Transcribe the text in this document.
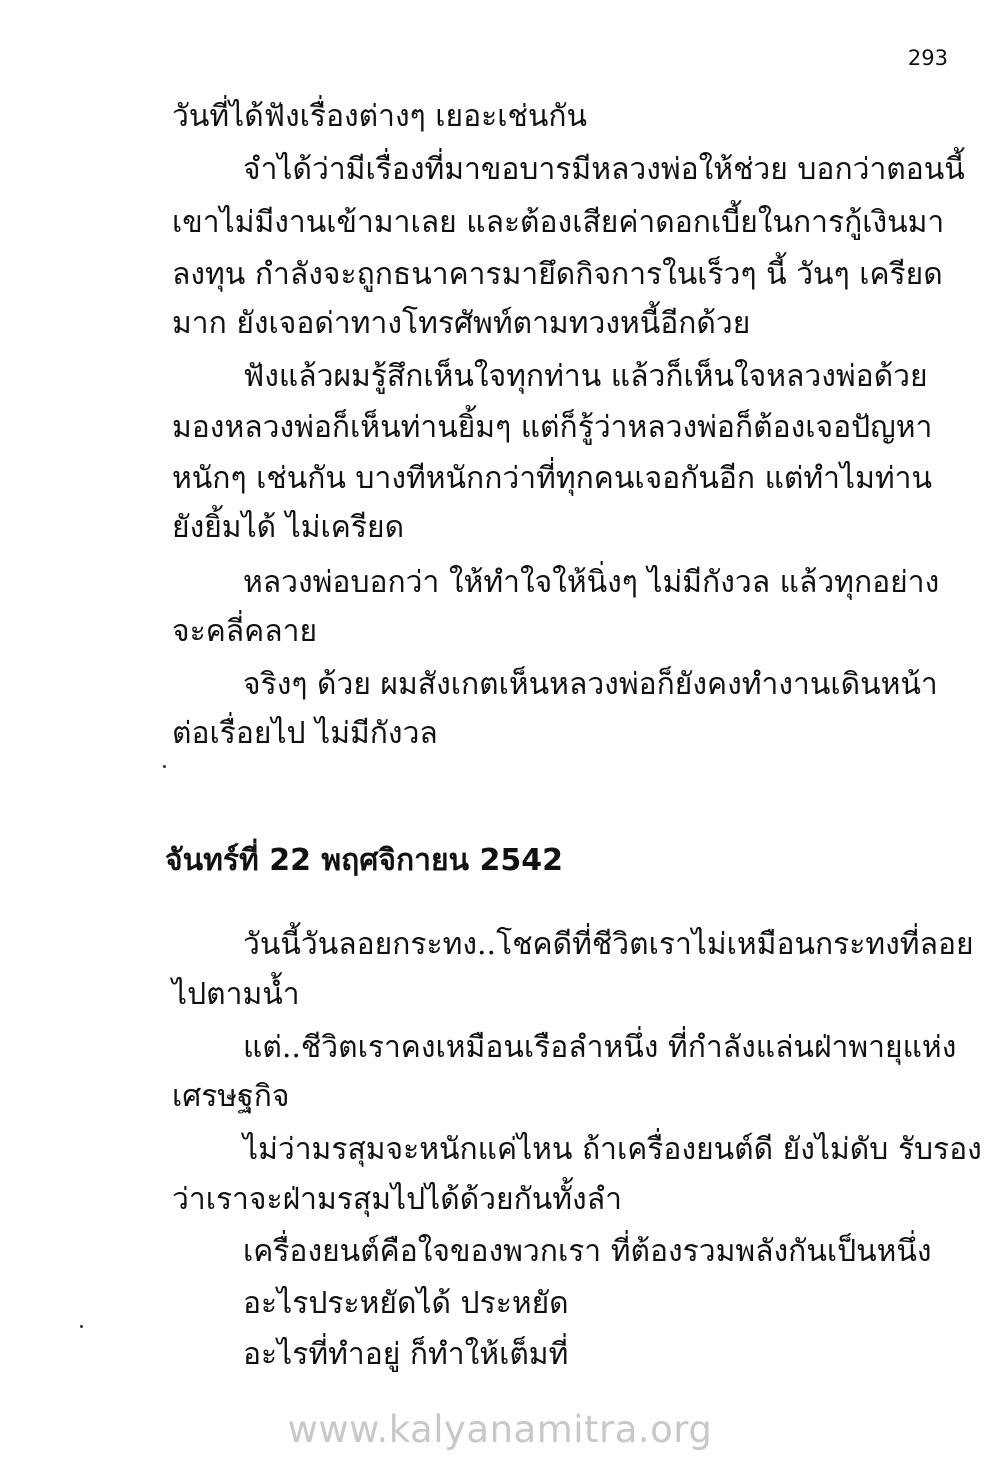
293
วันที่ได้ฟังเรื่องต่างๆ เยอะเช่นกัน
จำได้ว่ามีเรื่องที่มาขอบารมีหลวงพ่อให้ช่วย บอกว่าตอนนี้
เขาไม่มีงานเข้ามาเลย และต้องเสียค่าดอกเบี้ยในการกู้เงินมา
ลงทุน กำลังจะถูกธนาคารมายึดกิจการในเร็วๆ นี้ วันๆ เครียด
มาก ยังเจอด่าทางโทรศัพท์ตามทวงหนี้อีกด้วย
ฟังแล้วผมรู้สึกเห็นใจทุกท่าน แล้วก็เห็นใจหลวงพ่อด้วย
มองหลวงพ่อก็เห็นท่านยิ้มๆ แต่ก็รู้ว่าหลวงพ่อก็ต้องเจอปัญหา
หนักๆ เช่นกัน บางทีหนักกว่าที่ทุกคนเจอกันอีก แต่ทำไมท่าน
ยังยิ้มได้ ไม่เครียด
หลวงพ่อบอกว่า ให้ทำใจให้นิ่งๆ ไม่มีกังวล แล้วทุกอย่าง
จะคลี่คลาย
จริงๆ ด้วย ผมสังเกตเห็นหลวงพ่อก็ยังคงทำงานเดินหน้า
ต่อเรื่อยไป ไม่มีกังวล
จันทร์ที่ 22 พฤศจิกายน 2542
วันนี้วันลอยกระทง..โชคดีที่ชีวิตเราไม่เหมือนกระทงที่ลอย
ไปตามน้ำ
แต่..ชีวิตเราคงเหมือนเรือลำหนึ่ง ที่กำลังแล่นฝ่าพายุแห่ง
เศรษฐกิจ
ไม่ว่ามรสุมจะหนักแค่ไหน ถ้าเครื่องยนต์ดี ยังไม่ดับ รับรอง
ว่าเราจะฝ่ามรสุมไปได้ด้วยกันทั้งลำ
เครื่องยนต์คือใจของพวกเรา ที่ต้องรวมพลังกันเป็นหนึ่ง
อะไรประหยัดได้ ประหยัด
อะไรที่ทำอยู่ ก็ทำให้เต็มที่
www.kalyanamitra.org
